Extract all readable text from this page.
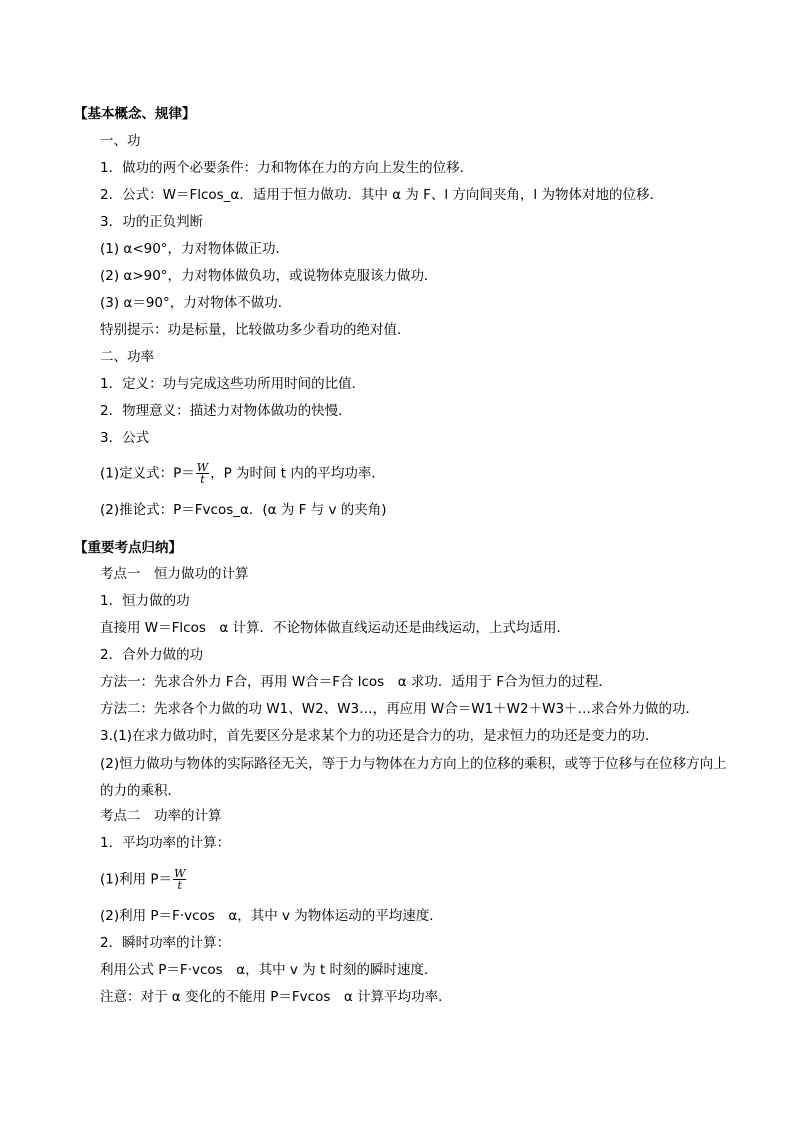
【基本概念、规律】
一、功
1．做功的两个必要条件：力和物体在力的方向上发生的位移．
2．公式：W＝Flcos_α．适用于恒力做功．其中 α 为 F、l 方向间夹角，l 为物体对地的位移．
3．功的正负判断
(1) α<90°，力对物体做正功．
(2) α>90°，力对物体做负功，或说物体克服该力做功．
(3) α＝90°，力对物体不做功．
特别提示：功是标量，比较做功多少看功的绝对值．
二、功率
1．定义：功与完成这些功所用时间的比值．
2．物理意义：描述力对物体做功的快慢．
3．公式
(1)定义式：$P= \frac{W}{t}$ ，P 为时间 t 内的平均功率．
(2)推论式：P＝Fvcos_α．(α 为 F 与 v 的夹角)
【重要考点归纳】
考点一　恒力做功的计算
1．恒力做的功
直接用 W＝Flcos　α 计算．不论物体做直线运动还是曲线运动，上式均适用．
2．合外力做的功
方法一：先求合外力 F合，再用 W合＝F合 lcos　α 求功．适用于 F合为恒力的过程．
方法二：先求各个力做的功 W1、W2、W3…，再应用 W合＝W1＋W2＋W3＋…求合外力做的功．
3.(1)在求力做功时，首先要区分是求某个力的功还是合力的功，是求恒力的功还是变力的功．
(2)恒力做功与物体的实际路径无关，等于力与物体在力方向上的位移的乘积，或等于位移与在位移方向上的力的乘积．
考点二　功率的计算
1．平均功率的计算：
(1)利用 $P= \frac{W}{t}$
(2)利用 P＝F·vcos　α，其中 v 为物体运动的平均速度．
2．瞬时功率的计算：
利用公式 P＝F·vcos　α，其中 v 为 t 时刻的瞬时速度．
注意：对于 α 变化的不能用 P＝Fvcos　α 计算平均功率．
